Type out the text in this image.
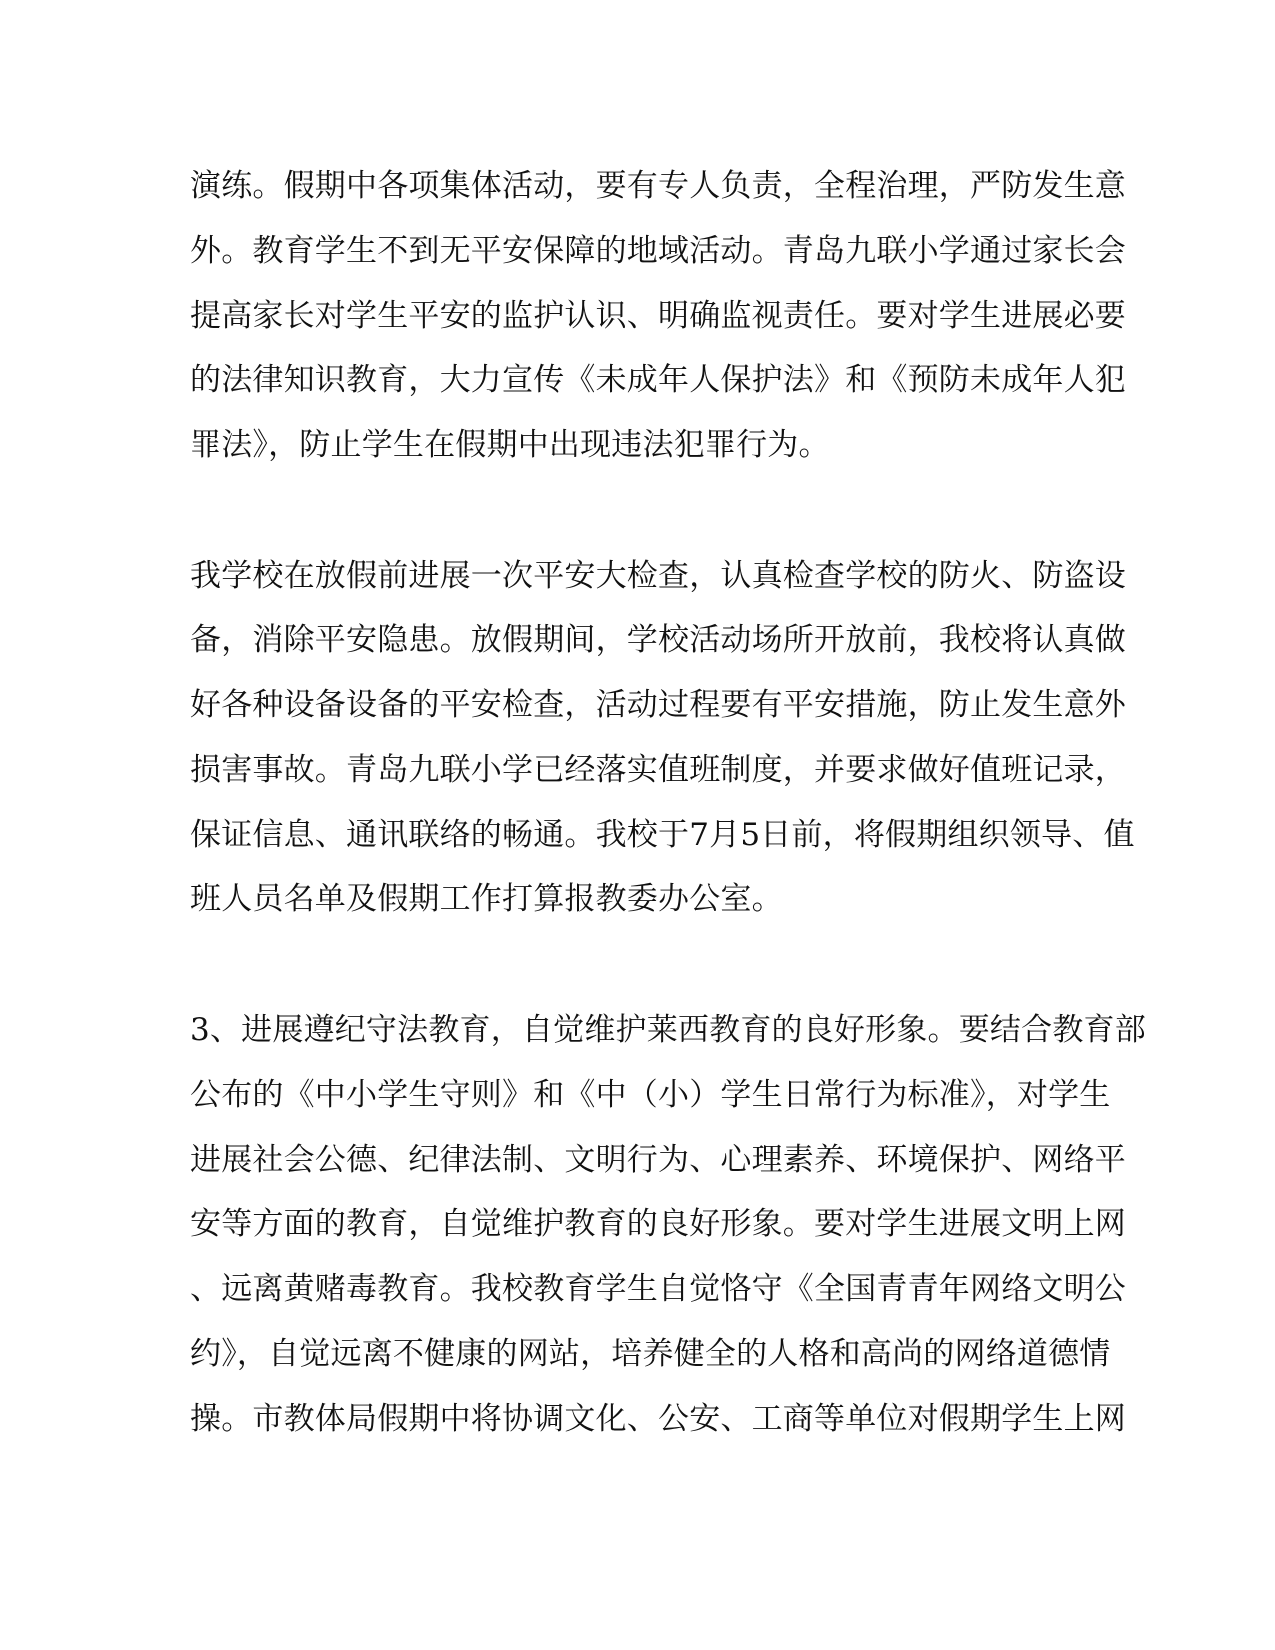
演练。假期中各项集体活动，要有专人负责，全程治理，严防发生意
外。教育学生不到无平安保障的地域活动。青岛九联小学通过家长会
提高家长对学生平安的监护认识、明确监视责任。要对学生进展必要
的法律知识教育，大力宣传《未成年人保护法》和《预防未成年人犯
罪法》，防止学生在假期中出现违法犯罪行为。
我学校在放假前进展一次平安大检查，认真检查学校的防火、防盗设
备，消除平安隐患。放假期间，学校活动场所开放前，我校将认真做
好各种设备设备的平安检查，活动过程要有平安措施，防止发生意外
损害事故。青岛九联小学已经落实值班制度，并要求做好值班记录，
保证信息、通讯联络的畅通。我校于7月5日前，将假期组织领导、值
班人员名单及假期工作打算报教委办公室。
3、进展遵纪守法教育，自觉维护莱西教育的良好形象。要结合教育部
公布的《中小学生守则》和《中（小）学生日常行为标准》，对学生
进展社会公德、纪律法制、文明行为、心理素养、环境保护、网络平
安等方面的教育，自觉维护教育的良好形象。要对学生进展文明上网
、远离黄赌毒教育。我校教育学生自觉恪守《全国青青年网络文明公
约》，自觉远离不健康的网站，培养健全的人格和高尚的网络道德情
操。市教体局假期中将协调文化、公安、工商等单位对假期学生上网
